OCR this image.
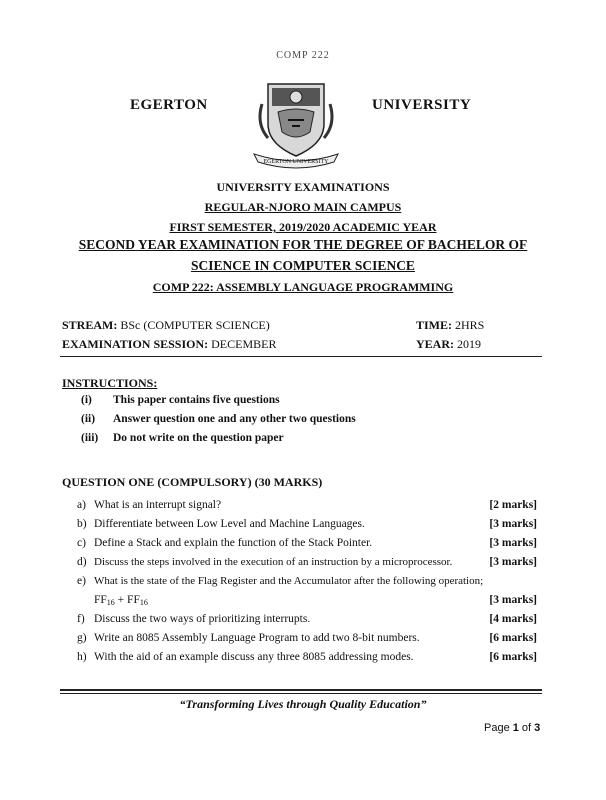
COMP 222
EGERTON	UNIVERSITY
EGERTON UNIVERSITY
UNIVERSITY EXAMINATIONS
REGULAR-NJORO MAIN CAMPUS
FIRST SEMESTER, 2019/2020 ACADEMIC YEAR
SECOND YEAR EXAMINATION FOR THE DEGREE OF BACHELOR OF
SCIENCE IN COMPUTER SCIENCE
COMP 222: ASSEMBLY LANGUAGE PROGRAMMING
STREAM: BSc (COMPUTER SCIENCE)	TIME: 2HRS
EXAMINATION SESSION: DECEMBER	YEAR: 2019
INSTRUCTIONS:
(i) This paper contains five questions
(ii) Answer question one and any other two questions
(iii) Do not write on the question paper
QUESTION ONE (COMPULSORY) (30 MARKS)
a) What is an interrupt signal?	[2 marks]
b) Differentiate between Low Level and Machine Languages.	[3 marks]
c) Define a Stack and explain the function of the Stack Pointer.	[3 marks]
d) Discuss the steps involved in the execution of an instruction by a microprocessor.	[3 marks]
e) What is the state of the Flag Register and the Accumulator after the following operation;
$FF_{16} + FF_{16}$	[3 marks]
f) Discuss the two ways of prioritizing interrupts.	[4 marks]
g) Write an 8085 Assembly Language Program to add two 8-bit numbers.	[6 marks]
h) With the aid of an example discuss any three 8085 addressing modes.	[6 marks]
“Transforming Lives through Quality Education”
Page 1 of 3
